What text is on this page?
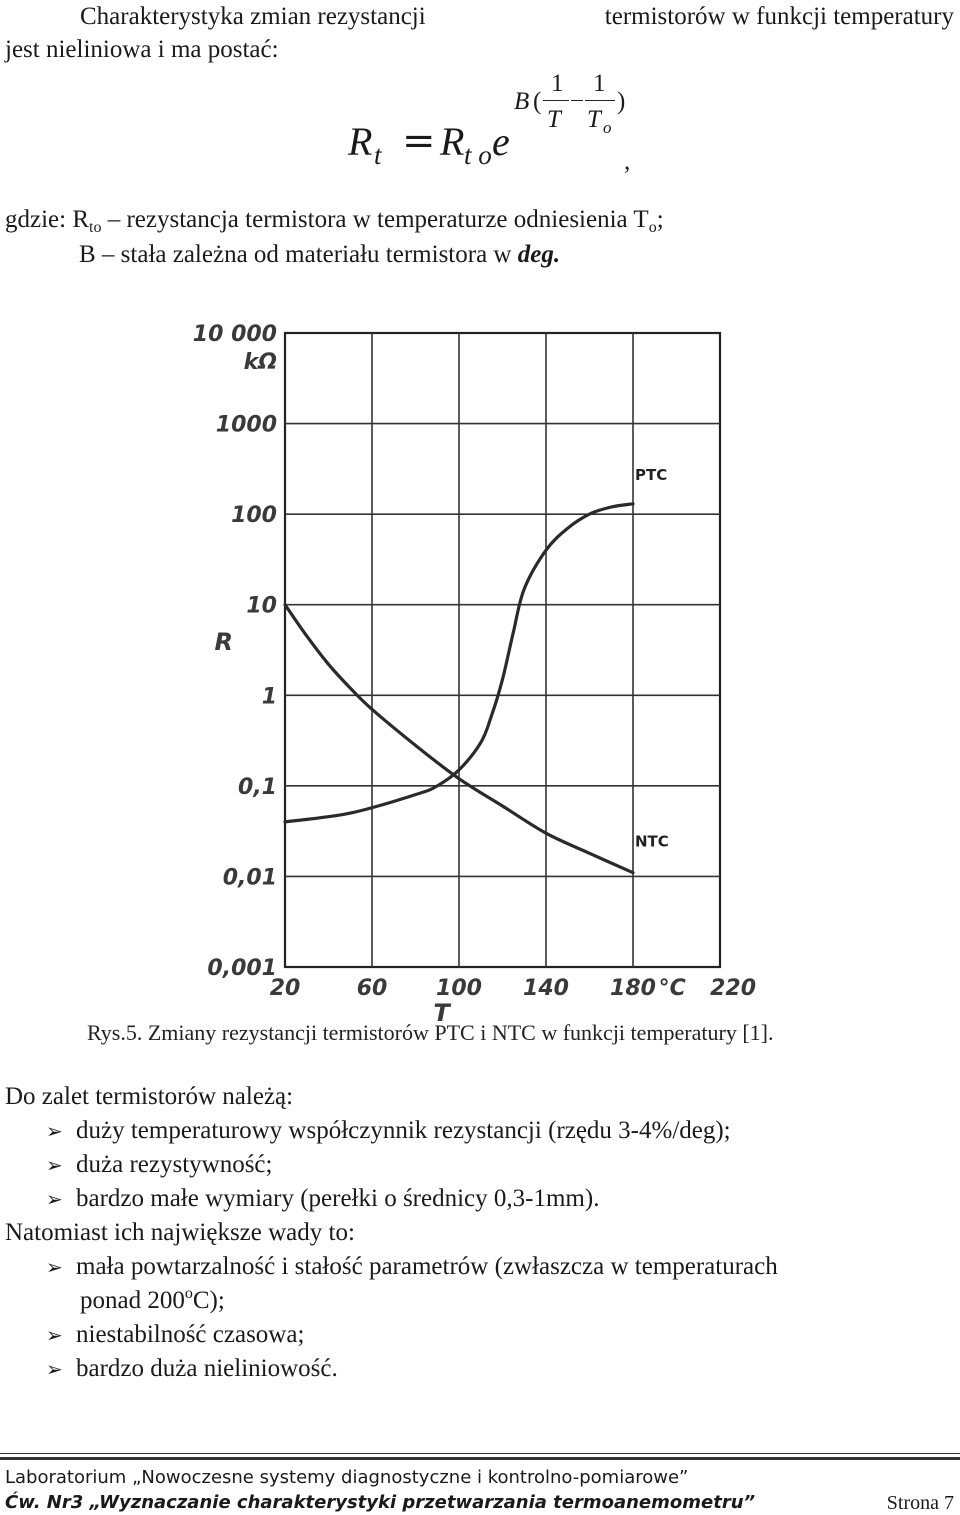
Charakterystyka zmian rezystancji	termistorów w funkcji temperatury
jest nieliniowa i ma postać:
R t = R t o e
B (
1
T
1
T o
)
,
gdzie: $R_{to}$ – rezystancja termistora w temperaturze odniesienia $T_o$;
B – stała zależna od materiału termistora w deg.
10 000
kΩ
1000
100
10
R
1
0,1
0,01
0,001
20	60 100 140 180 °C 220
T
PTC
NTC
Rys.5. Zmiany rezystancji termistorów PTC i NTC w funkcji temperatury [1].
Do zalet termistorów należą:
➢ duży temperaturowy współczynnik rezystancji (rzędu 3-4%/deg);
➢ duża rezystywność;
➢ bardzo małe wymiary (perełki o średnicy 0,3-1mm).
Natomiast ich największe wady to:
➢ mała powtarzalność i stałość parametrów (zwłaszcza w temperaturach
ponad 200$^o$C);
➢ niestabilność czasowa;
➢ bardzo duża nieliniowość.
Laboratorium „Nowoczesne systemy diagnostyczne i kontrolno-pomiarowe”
Ćw. Nr3 „Wyznaczanie charakterystyki przetwarzania termoanemometru”	Strona 7
